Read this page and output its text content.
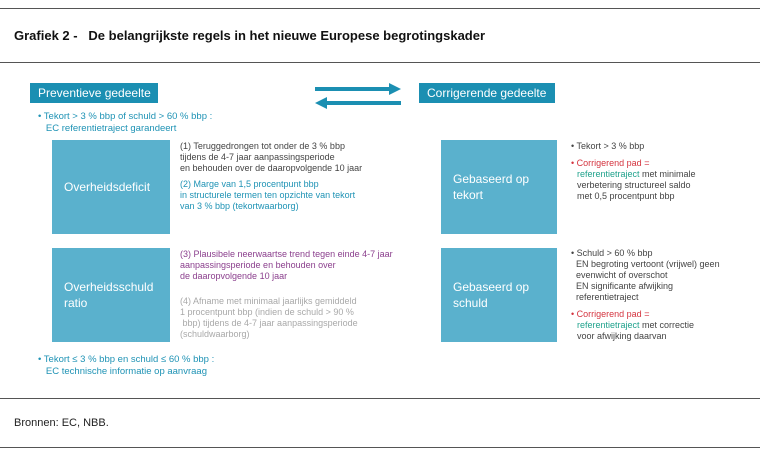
Grafiek 2 -   De belangrijkste regels in het nieuwe Europese begrotingskader
Preventieve gedeelte	Corrigerende gedeelte
• Tekort > 3 % bbp of schuld > 60 % bbp :
EC referentietraject garandeert
Overheidsdeficit
(1) Teruggedrongen tot onder de 3 % bbp
tijdens de 4-7 jaar aanpassingsperiode
en behouden over de daaropvolgende 10 jaar
(2) Marge van 1,5 procentpunt bbp
in structurele termen ten opzichte van tekort
van 3 % bbp (tekortwaarborg)
Overheidsschuld ratio
(3) Plausibele neerwaartse trend tegen einde 4-7 jaar
aanpassingsperiode en behouden over
de daaropvolgende 10 jaar
(4) Afname met minimaal jaarlijks gemiddeld
1 procentpunt bbp (indien de schuld > 90 %
bbp) tijdens de 4-7 jaar aanpassingsperiode
(schuldwaarborg)
• Tekort ≤ 3 % bbp en schuld ≤ 60 % bbp :
EC technische informatie op aanvraag
Gebaseerd op tekort
• Tekort > 3 % bbp
• Corrigerend pad =
referentietraject met minimale
verbetering structureel saldo
met 0,5 procentpunt bbp
Gebaseerd op schuld
• Schuld > 60 % bbp
EN begroting vertoont (vrijwel) geen
evenwicht of overschot
EN significante afwijking
referentietraject
• Corrigerend pad =
referentietraject met correctie
voor afwijking daarvan
Bronnen: EC, NBB.
